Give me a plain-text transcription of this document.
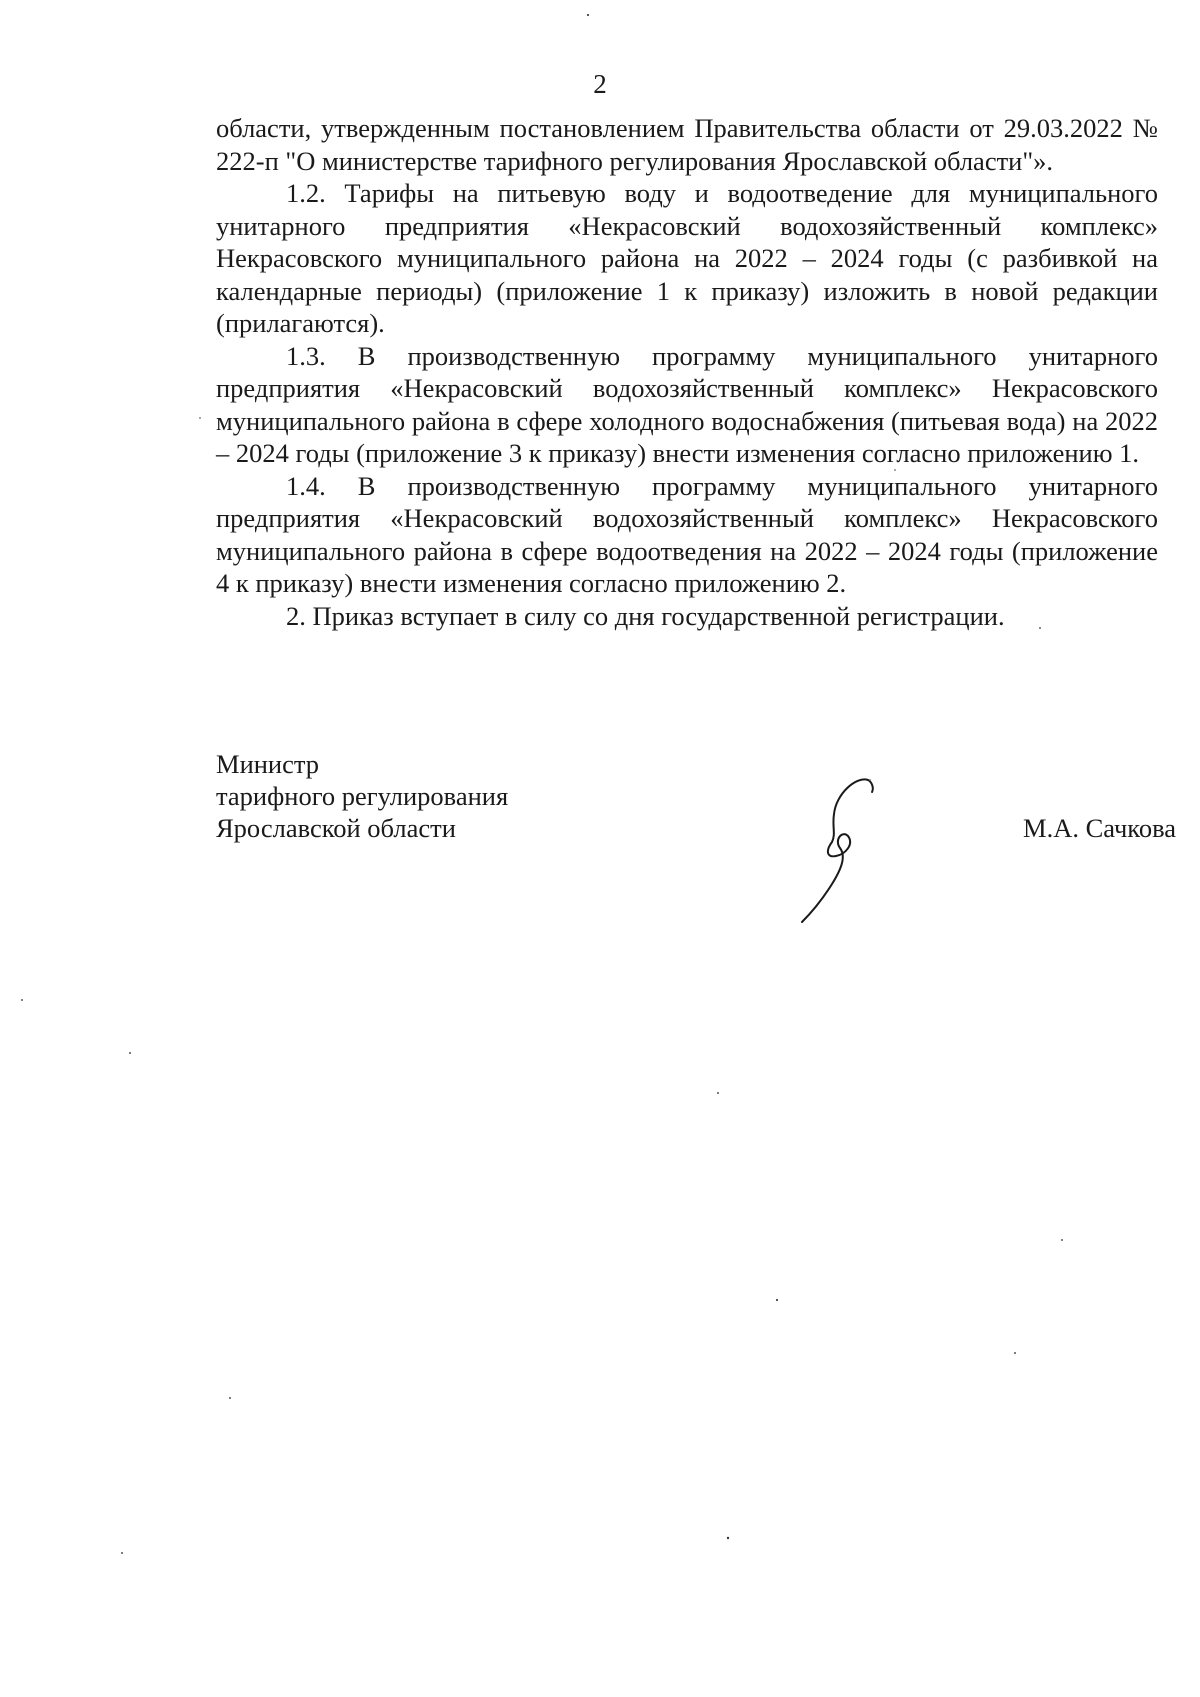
2

области, утвержденным постановлением Правительства области от 29.03.2022 № 222-п "О министерстве тарифного регулирования Ярославской области"».

1.2. Тарифы на питьевую воду и водоотведение для муниципального унитарного предприятия «Некрасовский водохозяйственный комплекс» Некрасовского муниципального района на 2022 – 2024 годы (с разбивкой на календарные периоды) (приложение 1 к приказу) изложить в новой редакции (прилагаются).

1.3. В производственную программу муниципального унитарного предприятия «Некрасовский водохозяйственный комплекс» Некрасовского муниципального района в сфере холодного водоснабжения (питьевая вода) на 2022 – 2024 годы (приложение 3 к приказу) внести изменения согласно приложению 1.

1.4. В производственную программу муниципального унитарного предприятия «Некрасовский водохозяйственный комплекс» Некрасовского муниципального района в сфере водоотведения на 2022 – 2024 годы (приложение 4 к приказу) внести изменения согласно приложению 2.

2. Приказ вступает в силу со дня государственной регистрации.

Министр
тарифного регулирования
Ярославской области	М.А. Сачкова
